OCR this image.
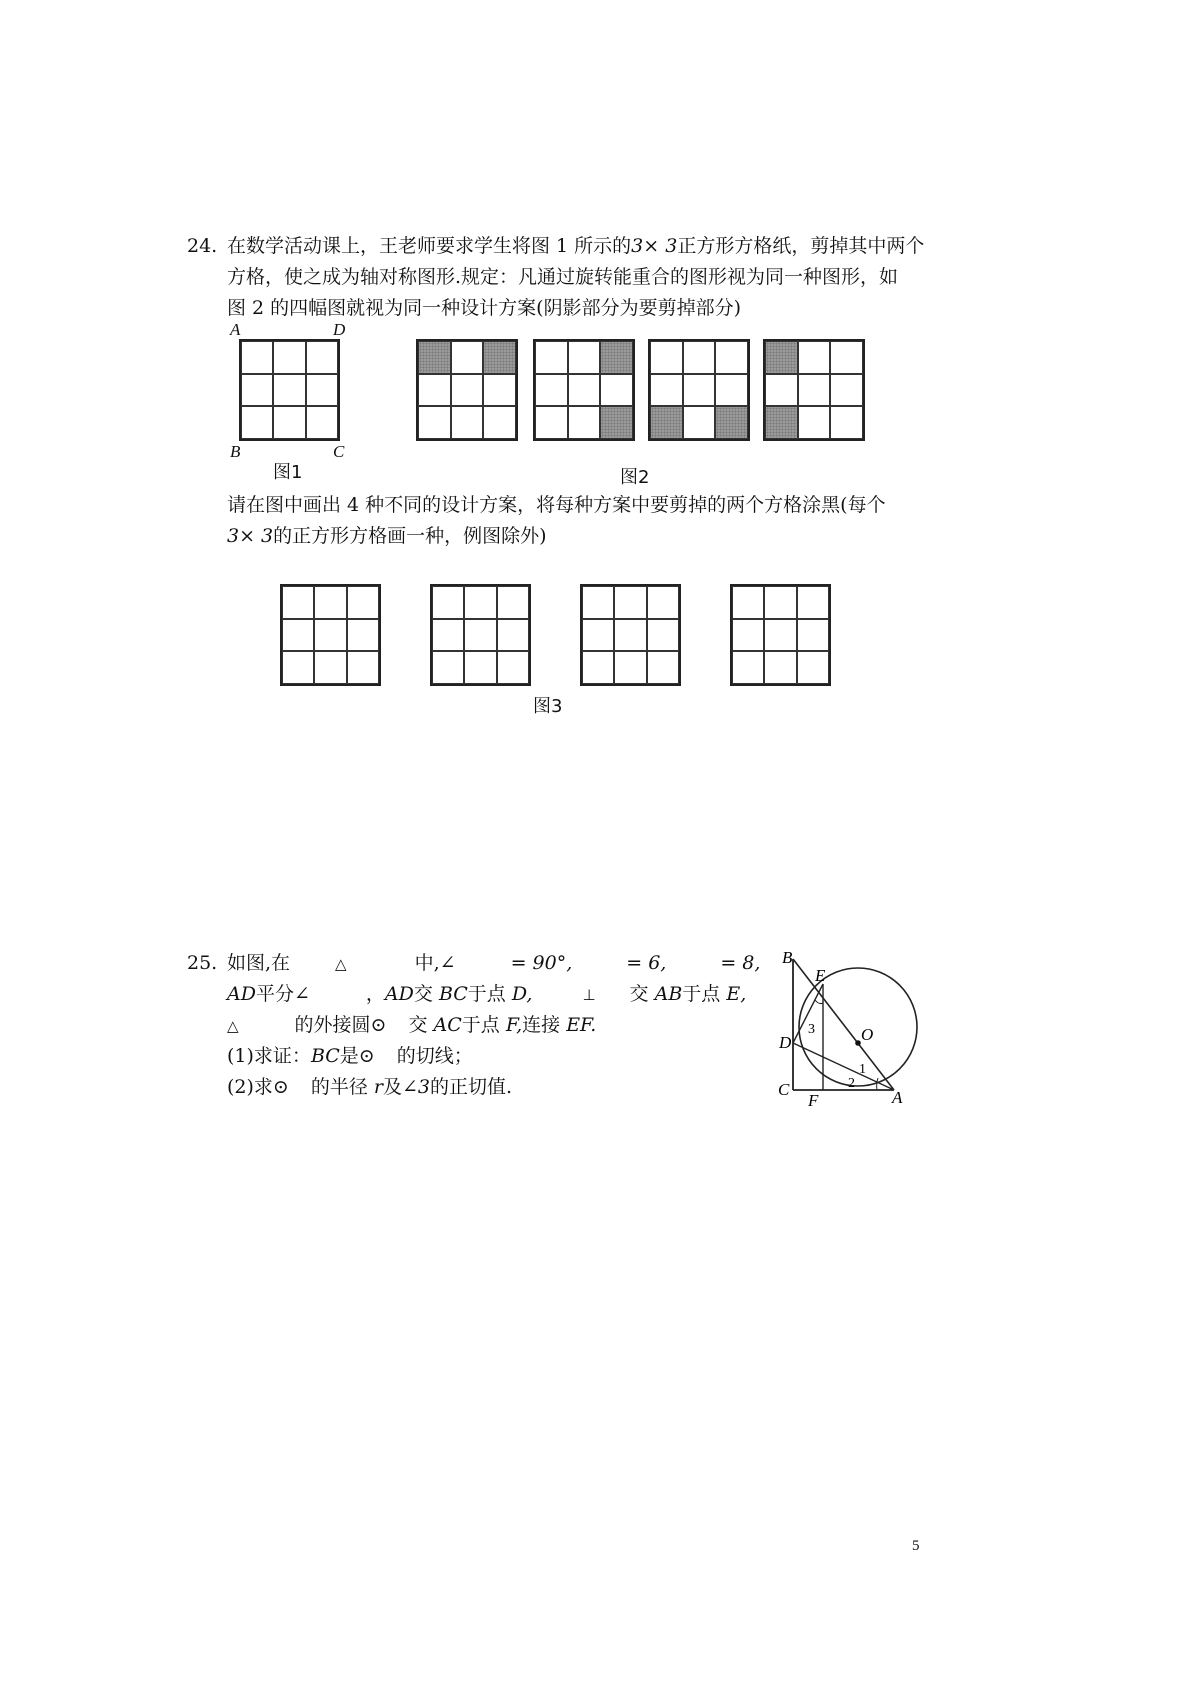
24. 在数学活动课上，王老师要求学生将图 1 所示的3× 3正方形方格纸，剪掉其中两个
方格，使之成为轴对称图形.规定：凡通过旋转能重合的图形视为同一种图形，如
图 2 的四幅图就视为同一种设计方案(阴影部分为要剪掉部分)
A	D
B	C
图1	图2
请在图中画出 4 种不同的设计方案，将每种方案中要剪掉的两个方格涂黑(每个
3× 3的正方形方格画一种，例图除外)
图3
25. 如图,在	△	中,∠	= 90°,	= 6,	= 8,
AD平分∠	，AD交 BC于点 D,	⊥ 交 AB于点 E,
△	的外接圆⊙ 交 AC于点 F,连接 EF.
(1)求证：BC是⊙ 的切线；
(2)求⊙ 的半径 r及∠3的正切值.
B
E
O
D
C
F	A
1
2
3
5
